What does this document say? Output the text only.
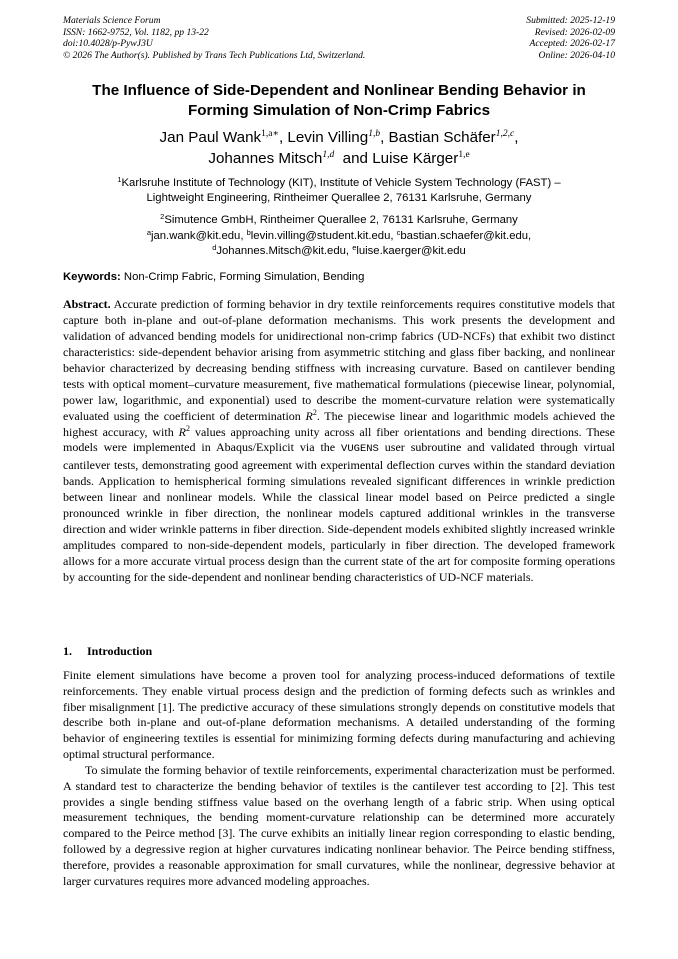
Materials Science Forum	Submitted: 2025-12-19
ISSN: 1662-9752, Vol. 1182, pp 13-22	Revised: 2026-02-09
doi:10.4028/p-PywJ3U	Accepted: 2026-02-17
© 2026 The Author(s). Published by Trans Tech Publications Ltd, Switzerland.	Online: 2026-04-10
The Influence of Side-Dependent and Nonlinear Bending Behavior in
Forming Simulation of Non-Crimp Fabrics
Jan Paul Wank$^{1,a∗}$, Levin Villing$^{1,b}$, Bastian Schäfer$^{1,2,c}$,
Johannes Mitsch$^{1,d}$  and Luise Kärger$^{1,e}$
$^1$Karlsruhe Institute of Technology (KIT), Institute of Vehicle System Technology (FAST) –
Lightweight Engineering, Rintheimer Querallee 2, 76131 Karlsruhe, Germany
$^2$Simutence GmbH, Rintheimer Querallee 2, 76131 Karlsruhe, Germany
$^a$jan.wank@kit.edu, $^b$levin.villing@student.kit.edu, $^c$bastian.schaefer@kit.edu,
$^d$Johannes.Mitsch@kit.edu, $^e$luise.kaerger@kit.edu
Keywords: Non-Crimp Fabric, Forming Simulation, Bending
Abstract. Accurate prediction of forming behavior in dry textile reinforcements requires constitutive models that capture both in-plane and out-of-plane deformation mechanisms. This work presents the development and validation of advanced bending models for unidirectional non-crimp fabrics (UD-NCFs) that exhibit two distinct characteristics: side-dependent behavior arising from asymmetric stitching and glass fiber backing, and nonlinear behavior characterized by decreasing bending stiffness with increasing curvature. Based on cantilever bending tests with optical moment–curvature measurement, five mathematical formulations (piecewise linear, polynomial, power law, logarithmic, and exponential) used to describe the moment-curvature relation were systematically evaluated using the coefficient of determination $R^2$. The piecewise linear and logarithmic models achieved the highest accuracy, with $R^2$ values approaching unity across all fiber orientations and bending directions. These models were implemented in Abaqus/Explicit via the VUGENS user subroutine and validated through virtual cantilever tests, demonstrating good agreement with experimental deflection curves within the standard deviation bands. Application to hemispherical forming simulations revealed significant differences in wrinkle prediction between linear and nonlinear models. While the classical linear model based on Peirce predicted a single pronounced wrinkle in fiber direction, the nonlinear models captured additional wrinkles in the transverse direction and wider wrinkle patterns in fiber direction. Side-dependent models exhibited slightly increased wrinkle amplitudes compared to non-side-dependent models, particularly in fiber direction. The developed framework allows for a more accurate virtual process design than the current state of the art for composite forming operations by accounting for the side-dependent and nonlinear bending characteristics of UD-NCF materials.
1. Introduction

Finite element simulations have become a proven tool for analyzing process-induced deformations of textile reinforcements. They enable virtual process design and the prediction of forming defects such as wrinkles and fiber misalignment [1]. The predictive accuracy of these simulations strongly depends on constitutive models that describe both in-plane and out-of-plane deformation mechanisms. A detailed understanding of the forming behavior of engineering textiles is essential for minimizing forming defects during manufacturing and achieving optimal structural performance.

To simulate the forming behavior of textile reinforcements, experimental characterization must be performed. A standard test to characterize the bending behavior of textiles is the cantilever test according to [2]. This test provides a single bending stiffness value based on the overhang length of a fabric strip. When using optical measurement techniques, the bending moment-curvature relationship can be determined more accurately compared to the Peirce method [3]. The curve exhibits an initially linear region corresponding to elastic bending, followed by a degressive region at higher curvatures indicating nonlinear behavior. The Peirce bending stiffness, therefore, provides a reasonable approximation for small curvatures, while the nonlinear, degressive behavior at larger curvatures requires more advanced modeling approaches.
